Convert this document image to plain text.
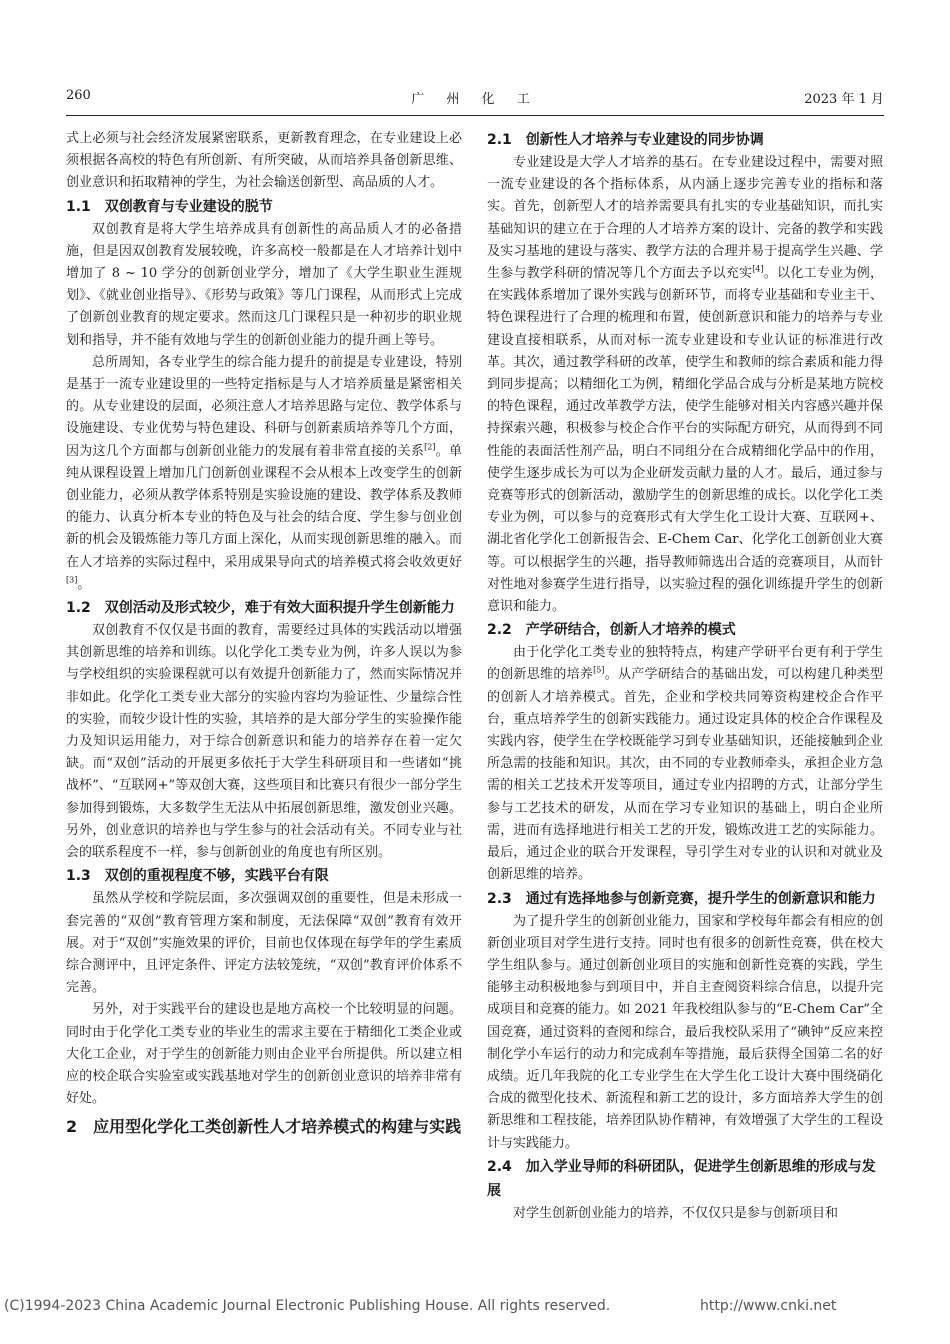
260	广 州 化 工	2023 年 1 月

式上必须与社会经济发展紧密联系，更新教育理念，在专业建设上必须根据各高校的特色有所创新、有所突破，从而培养具备创新思维、创业意识和拓取精神的学生，为社会输送创新型、高品质的人才。

1.1　双创教育与专业建设的脱节

双创教育是将大学生培养成具有创新性的高品质人才的必备措施，但是因双创教育发展较晚，许多高校一般都是在人才培养计划中增加了 8 ~ 10 学分的创新创业学分，增加了《大学生职业生涯规划》、《就业创业指导》、《形势与政策》等几门课程，从而形式上完成了创新创业教育的规定要求。然而这几门课程只是一种初步的职业规划和指导，并不能有效地与学生的创新创业能力的提升画上等号。

总所周知，各专业学生的综合能力提升的前提是专业建设，特别是基于一流专业建设里的一些特定指标是与人才培养质量是紧密相关的。从专业建设的层面，必须注意人才培养思路与定位、教学体系与设施建设、专业优势与特色建设、科研与创新素质培养等几个方面，因为这几个方面都与创新创业能力的发展有着非常直接的关系[2]。单纯从课程设置上增加几门创新创业课程不会从根本上改变学生的创新创业能力，必须从教学体系特别是实验设施的建设、教学体系及教师的能力、认真分析本专业的特色及与社会的结合度、学生参与创业创新的机会及锻炼能力等几方面上深化，从而实现创新思维的融入。而在人才培养的实际过程中，采用成果导向式的培养模式将会收效更好[3]。

1.2　双创活动及形式较少，难于有效大面积提升学生创新能力

双创教育不仅仅是书面的教育，需要经过具体的实践活动以增强其创新思维的培养和训练。以化学化工类专业为例，许多人误以为参与学校组织的实验课程就可以有效提升创新能力了，然而实际情况并非如此。化学化工类专业大部分的实验内容均为验证性、少量综合性的实验，而较少设计性的实验，其培养的是大部分学生的实验操作能力及知识运用能力，对于综合创新意识和能力的培养存在着一定欠缺。而“双创”活动的开展更多依托于大学生科研项目和一些诸如“挑战杯”、“互联网+”等双创大赛，这些项目和比赛只有很少一部分学生参加得到锻炼，大多数学生无法从中拓展创新思维，激发创业兴趣。另外，创业意识的培养也与学生参与的社会活动有关。不同专业与社会的联系程度不一样，参与创新创业的角度也有所区别。

1.3　双创的重视程度不够，实践平台有限

虽然从学校和学院层面，多次强调双创的重要性，但是未形成一套完善的“双创”教育管理方案和制度，无法保障“双创”教育有效开展。对于“双创”实施效果的评价，目前也仅体现在每学年的学生素质综合测评中，且评定条件、评定方法较笼统，“双创”教育评价体系不完善。

另外，对于实践平台的建设也是地方高校一个比较明显的问题。同时由于化学化工类专业的毕业生的需求主要在于精细化工类企业或大化工企业，对于学生的创新能力则由企业平台所提供。所以建立相应的校企联合实验室或实践基地对学生的创新创业意识的培养非常有好处。

2　应用型化学化工类创新性人才培养模式的构建与实践
2.1　创新性人才培养与专业建设的同步协调

专业建设是大学人才培养的基石。在专业建设过程中，需要对照一流专业建设的各个指标体系，从内涵上逐步完善专业的指标和落实。首先，创新型人才的培养需要具有扎实的专业基础知识，而扎实基础知识的建立在于合理的人才培养方案的设计、完备的教学和实践及实习基地的建设与落实、教学方法的合理并易于提高学生兴趣、学生参与教学科研的情况等几个方面去予以充实[4]。以化工专业为例，在实践体系增加了课外实践与创新环节，而将专业基础和专业主干、特色课程进行了合理的梳理和布置，使创新意识和能力的培养与专业建设直接相联系，从而对标一流专业建设和专业认证的标准进行改革。其次，通过教学科研的改革，使学生和教师的综合素质和能力得到同步提高；以精细化工为例，精细化学品合成与分析是某地方院校的特色课程，通过改革教学方法，使学生能够对相关内容感兴趣并保持探索兴趣，积极参与校企合作平台的实际配方研究，从而得到不同性能的表面活性剂产品，明白不同组分在合成精细化学品中的作用，使学生逐步成长为可以为企业研发贡献力量的人才。最后，通过参与竞赛等形式的创新活动，激励学生的创新思维的成长。以化学化工类专业为例，可以参与的竞赛形式有大学生化工设计大赛、互联网+、湖北省化学化工创新报告会、E-Chem Car、化学化工创新创业大赛等。可以根据学生的兴趣，指导教师筛选出合适的竞赛项目，从而针对性地对参赛学生进行指导，以实验过程的强化训练提升学生的创新意识和能力。

2.2　产学研结合，创新人才培养的模式

由于化学化工类专业的独特特点，构建产学研平台更有利于学生的创新思维的培养[5]。从产学研结合的基础出发，可以构建几种类型的创新人才培养模式。首先，企业和学校共同筹资构建校企合作平台，重点培养学生的创新实践能力。通过设定具体的校企合作课程及实践内容，使学生在学校既能学习到专业基础知识，还能接触到企业所急需的技能和知识。其次，由不同的专业教师牵头，承担企业方急需的相关工艺技术开发等项目，通过专业内招聘的方式，让部分学生参与工艺技术的研发，从而在学习专业知识的基础上，明白企业所需，进而有选择地进行相关工艺的开发，锻炼改进工艺的实际能力。最后，通过企业的联合开发课程，导引学生对专业的认识和对就业及创新思维的培养。

2.3　通过有选择地参与创新竞赛，提升学生的创新意识和能力

为了提升学生的创新创业能力，国家和学校每年都会有相应的创新创业项目对学生进行支持。同时也有很多的创新性竞赛，供在校大学生组队参与。通过创新创业项目的实施和创新性竞赛的实践，学生能够主动积极地参与到项目中，并自主查阅资料综合信息，以提升完成项目和竞赛的能力。如 2021 年我校组队参与的“E-Chem Car”全国竞赛，通过资料的查阅和综合，最后我校队采用了“碘钟”反应来控制化学小车运行的动力和完成刹车等措施，最后获得全国第二名的好成绩。近几年我院的化工专业学生在大学生化工设计大赛中围绕硝化合成的微型化技术、新流程和新工艺的设计，多方面培养大学生的创新思维和工程技能，培养团队协作精神，有效增强了大学生的工程设计与实践能力。

2.4　加入学业导师的科研团队，促进学生创新思维的形成与发展

对学生创新创业能力的培养，不仅仅只是参与创新项目和

(C)1994-2023 China Academic Journal Electronic Publishing House. All rights reserved.	http://www.cnki.net
